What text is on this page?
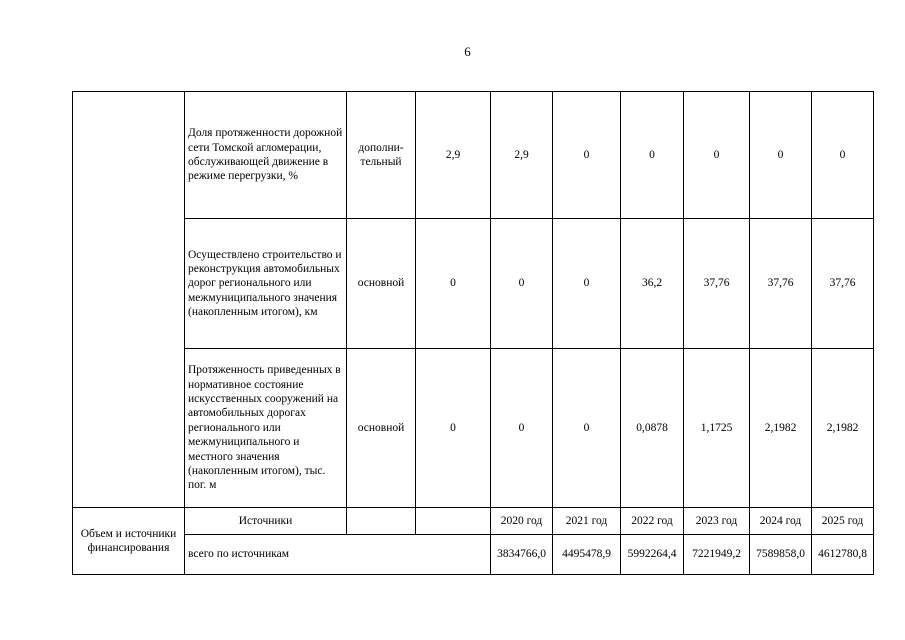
6
	Доля протяженности дорожной сети Томской агломерации, обслуживающей движение в режиме перегрузки, %	дополни-тельный	2,9	2,9	0	0	0	0	0
	Осуществлено строительство и реконструкция автомобильных дорог регионального или межмуниципального значения (накопленным итогом), км	основной	0	0	0	36,2	37,76	37,76	37,76
	Протяженность приведенных в нормативное состояние искусственных сооружений на автомобильных дорогах регионального или межмуниципального и местного значения (накопленным итогом), тыс. пог. м	основной	0	0	0	0,0878	1,1725	2,1982	2,1982
Объем и источники финансирования	Источники			2020 год	2021 год	2022 год	2023 год	2024 год	2025 год
	всего по источникам			3834766,0	4495478,9	5992264,4	7221949,2	7589858,0	4612780,8
